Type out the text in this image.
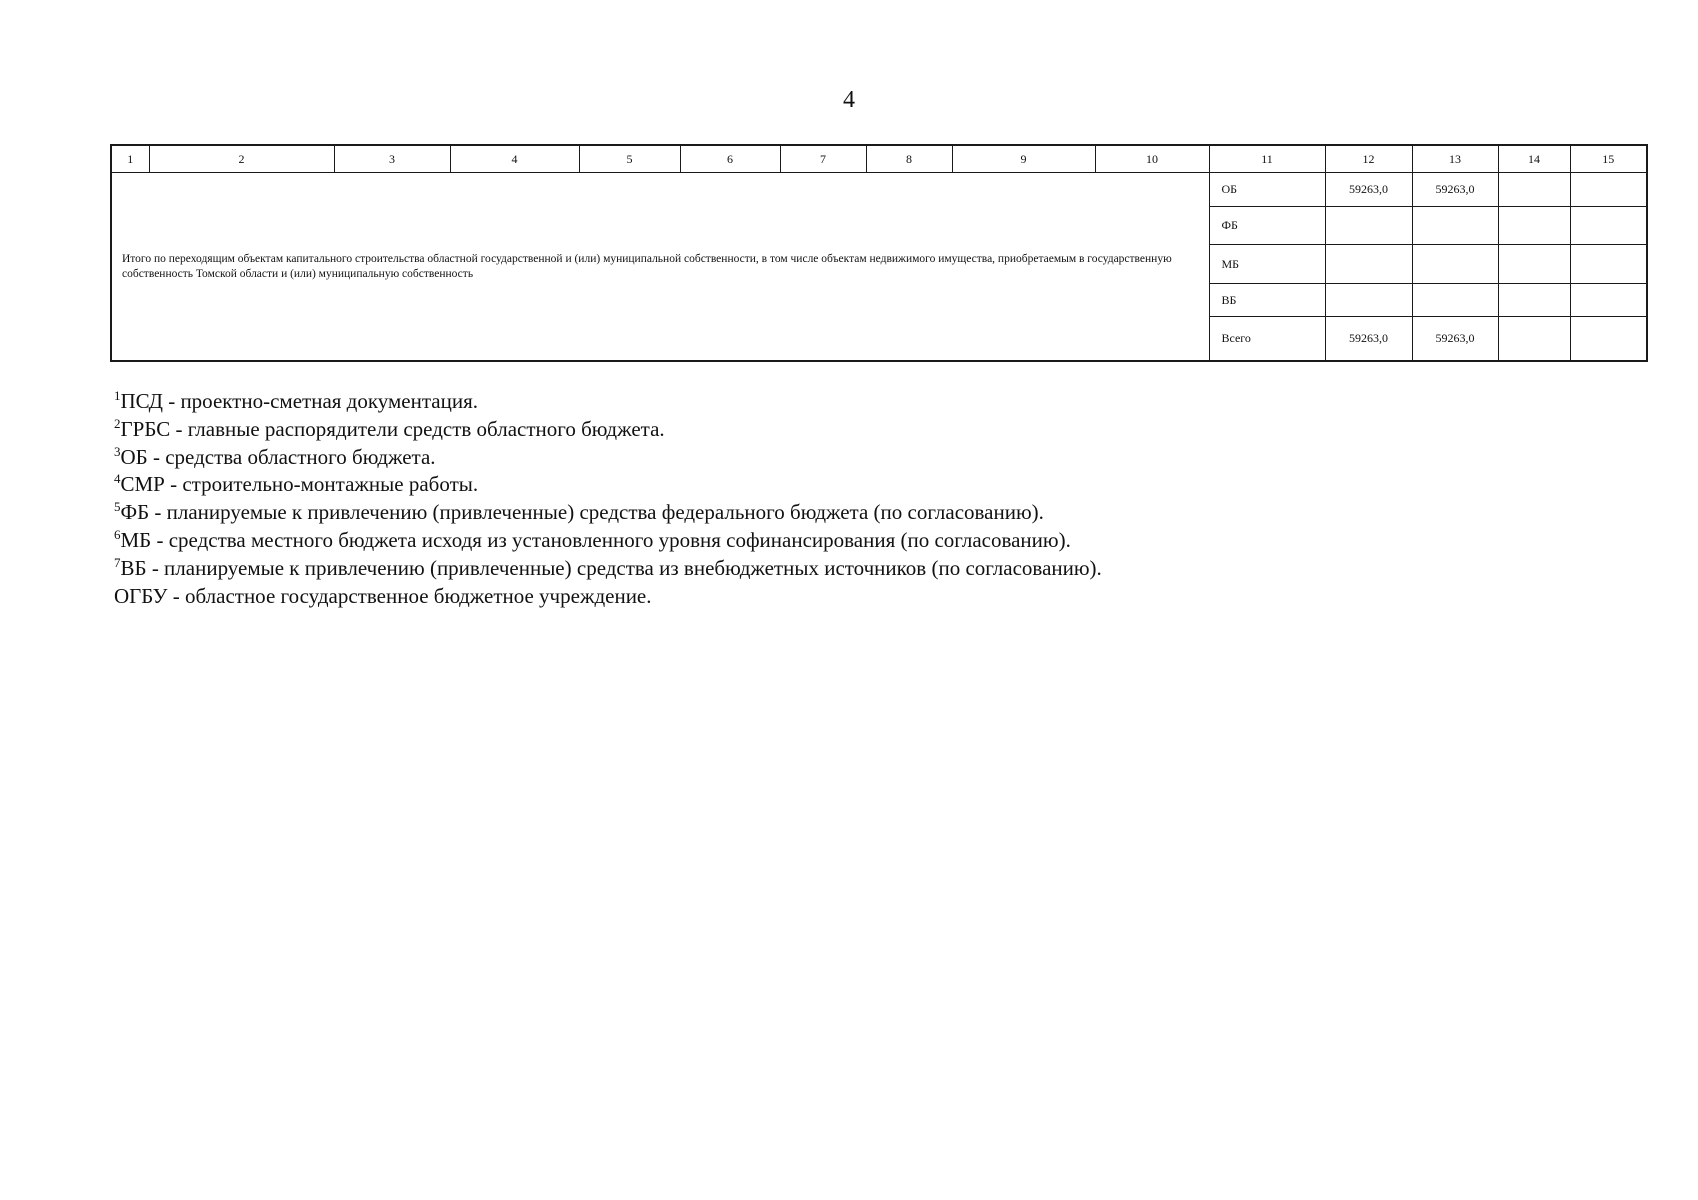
4
1	2	3	4	5	6	7	8	9	10	11	12	13	14	15
Итого по переходящим объектам капитального строительства областной государственной и (или) муниципальной собственности, в том числе объектам недвижимого имущества, приобретаемым в государственную собственность Томской области и (или) муниципальную собственность										ОБ	59263,0	59263,0		
										ФБ				
										МБ				
										ВБ				
										Всего	59263,0	59263,0		
$^1$ПСД - проектно-сметная документация.
$^2$ГРБС - главные распорядители средств областного бюджета.
$^3$ОБ - средства областного бюджета.
$^4$СМР - строительно-монтажные работы.
$^5$ФБ - планируемые к привлечению (привлеченные) средства федерального бюджета (по согласованию).
$^6$МБ - средства местного бюджета исходя из установленного уровня софинансирования (по согласованию).
$^7$ВБ - планируемые к привлечению (привлеченные) средства из внебюджетных источников (по согласованию).
ОГБУ - областное государственное бюджетное учреждение.
